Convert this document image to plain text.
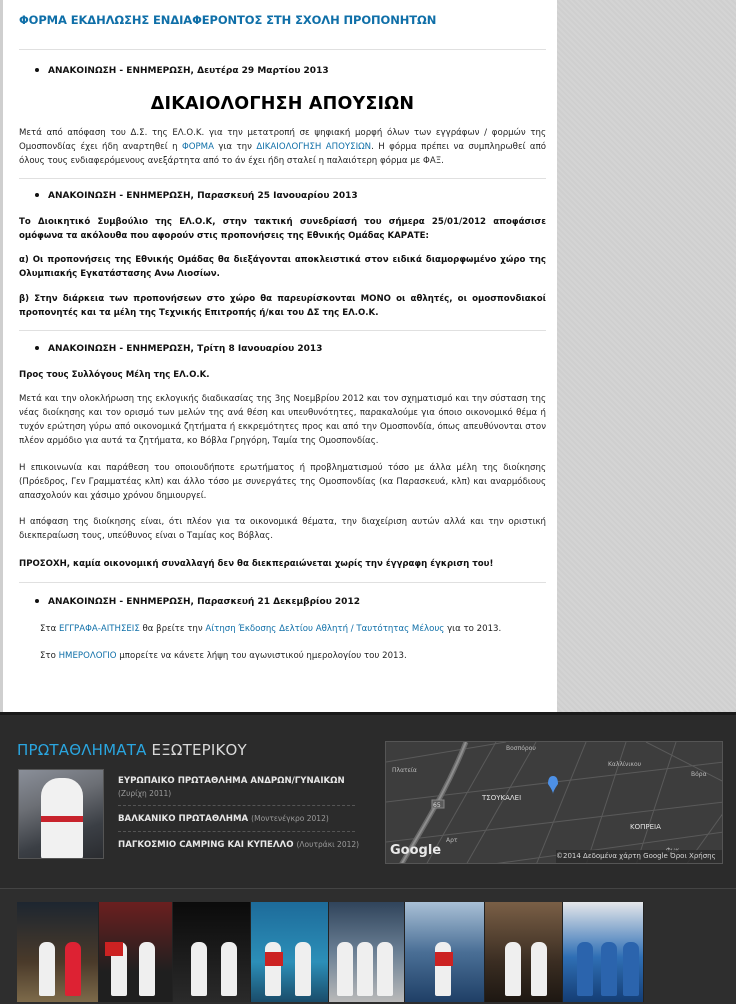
ΦΟΡΜΑ ΕΚΔΗΛΩΣΗΣ ΕΝΔΙΑΦΕΡΟΝΤΟΣ ΣΤΗ ΣΧΟΛΗ ΠΡΟΠΟΝΗΤΩΝ
ΑΝΑΚΟΙΝΩΣΗ - ΕΝΗΜΕΡΩΣΗ, Δευτέρα 29 Μαρτίου 2013
ΔΙΚΑΙΟΛΟΓΗΣΗ ΑΠΟΥΣΙΩΝ

Μετά από απόφαση του Δ.Σ. της ΕΛ.Ο.Κ. για την μετατροπή σε ψηφιακή μορφή όλων των εγγράφων / φορμών της Ομοσπονδίας έχει ήδη αναρτηθεί η ΦΟΡΜΑ για την ΔΙΚΑΙΟΛΟΓΗΣΗ ΑΠΟΥΣΙΩΝ. Η φόρμα πρέπει να συμπληρωθεί από όλους τους ενδιαφερόμενους ανεξάρτητα από το άν έχει ήδη σταλεί η παλαιότερη φόρμα με ΦΑΞ.

ΑΝΑΚΟΙΝΩΣΗ - ΕΝΗΜΕΡΩΣΗ, Παρασκευή 25 Ιανουαρίου 2013

Το Διοικητικό Συμβούλιο της ΕΛ.Ο.Κ, στην τακτική συνεδρίασή του σήμερα 25/01/2012 αποφάσισε ομόφωνα τα ακόλουθα που αφορούν στις προπονήσεις της Εθνικής Ομάδας ΚΑΡΑΤΕ:

α) Οι προπονήσεις της Εθνικής Ομάδας θα διεξάγονται αποκλειστικά στον ειδικά διαμορφωμένο χώρο της Ολυμπιακής Εγκατάστασης Ανω Λιοσίων.

β) Στην διάρκεια των προπονήσεων στο χώρο θα παρευρίσκονται ΜΟΝΟ οι αθλητές, οι ομοσπονδιακοί προπονητές και τα μέλη της Τεχνικής Επιτροπής ή/και του ΔΣ της ΕΛ.Ο.Κ.

ΑΝΑΚΟΙΝΩΣΗ - ΕΝΗΜΕΡΩΣΗ, Τρίτη 8 Ιανουαρίου 2013

Προς τους Συλλόγους Μέλη της ΕΛ.Ο.Κ.

Μετά και την ολοκλήρωση της εκλογικής διαδικασίας της 3ης Νοεμβρίου 2012 και τον σχηματισμό και την σύσταση της νέας διοίκησης και τον ορισμό των μελών της ανά θέση και υπευθυνότητες, παρακαλούμε για όποιο οικονομικό θέμα ή τυχόν ερώτηση γύρω από οικονομικά ζητήματα ή εκκρεμότητες προς και από την Ομοσπονδία, όπως απευθύνονται στον πλέον αρμόδιο για αυτά τα ζητήματα, κο Βόβλα Γρηγόρη, Ταμία της Ομοσπονδίας.

Η επικοινωνία και παράθεση του οποιουδήποτε ερωτήματος ή προβληματισμού τόσο με άλλα μέλη της διοίκησης (Πρόεδρος, Γεν Γραμματέας κλπ) και άλλο τόσο με συνεργάτες της Ομοσπονδίας (κα Παρασκευά, κλπ) και αναρμόδιους απασχολούν και χάσιμο χρόνου δημιουργεί.

Η απόφαση της διοίκησης είναι, ότι πλέον για τα οικονομικά θέματα, την διαχείριση αυτών αλλά και την οριστική διεκπεραίωση τους, υπεύθυνος είναι ο Ταμίας κος Βόβλας.

ΠΡΟΣΟΧΗ, καμία οικονομική συναλλαγή δεν θα διεκπεραιώνεται χωρίς την έγγραφη έγκριση του!

ΑΝΑΚΟΙΝΩΣΗ - ΕΝΗΜΕΡΩΣΗ, Παρασκευή 21 Δεκεμβρίου 2012

Στα ΕΓΓΡΑΦΑ-ΑΙΤΗΣΕΙΣ θα βρείτε την Αίτηση Έκδοσης Δελτίου Αθλητή / Ταυτότητας Μέλους για το 2013.

Στο ΗΜΕΡΟΛΟΓΙΟ μπορείτε να κάνετε λήψη του αγωνιστικού ημερολογίου του 2013.

ΠΡΩΤΑΘΛΗΜΑΤΑ ΕΞΩΤΕΡΙΚΟΥ
ΕΥΡΩΠΑΙΚΟ ΠΡΩΤΑΘΛΗΜΑ ΑΝΔΡΩΝ/ΓΥΝΑΙΚΩΝ
(Ζυρίχη 2011)
ΒΑΛΚΑΝΙΚΟ ΠΡΩΤΑΘΛΗΜΑ (Μοντενέγκρο 2012)
ΠΑΓΚΟΣΜΙΟ CAMPING ΚΑΙ ΚΥΠΕΛΛΟ (Λουτράκι 2012)
65
ΤΣΟΥΚΑΛΕΙ
ΚΟΠΡΕΙΑ
Βοσπόρου
Καλλίνικου
Βόρα
Πλατεία
Αρτ
Google	©2014 Δεδομένα χάρτη Google Όροι Χρήσης
